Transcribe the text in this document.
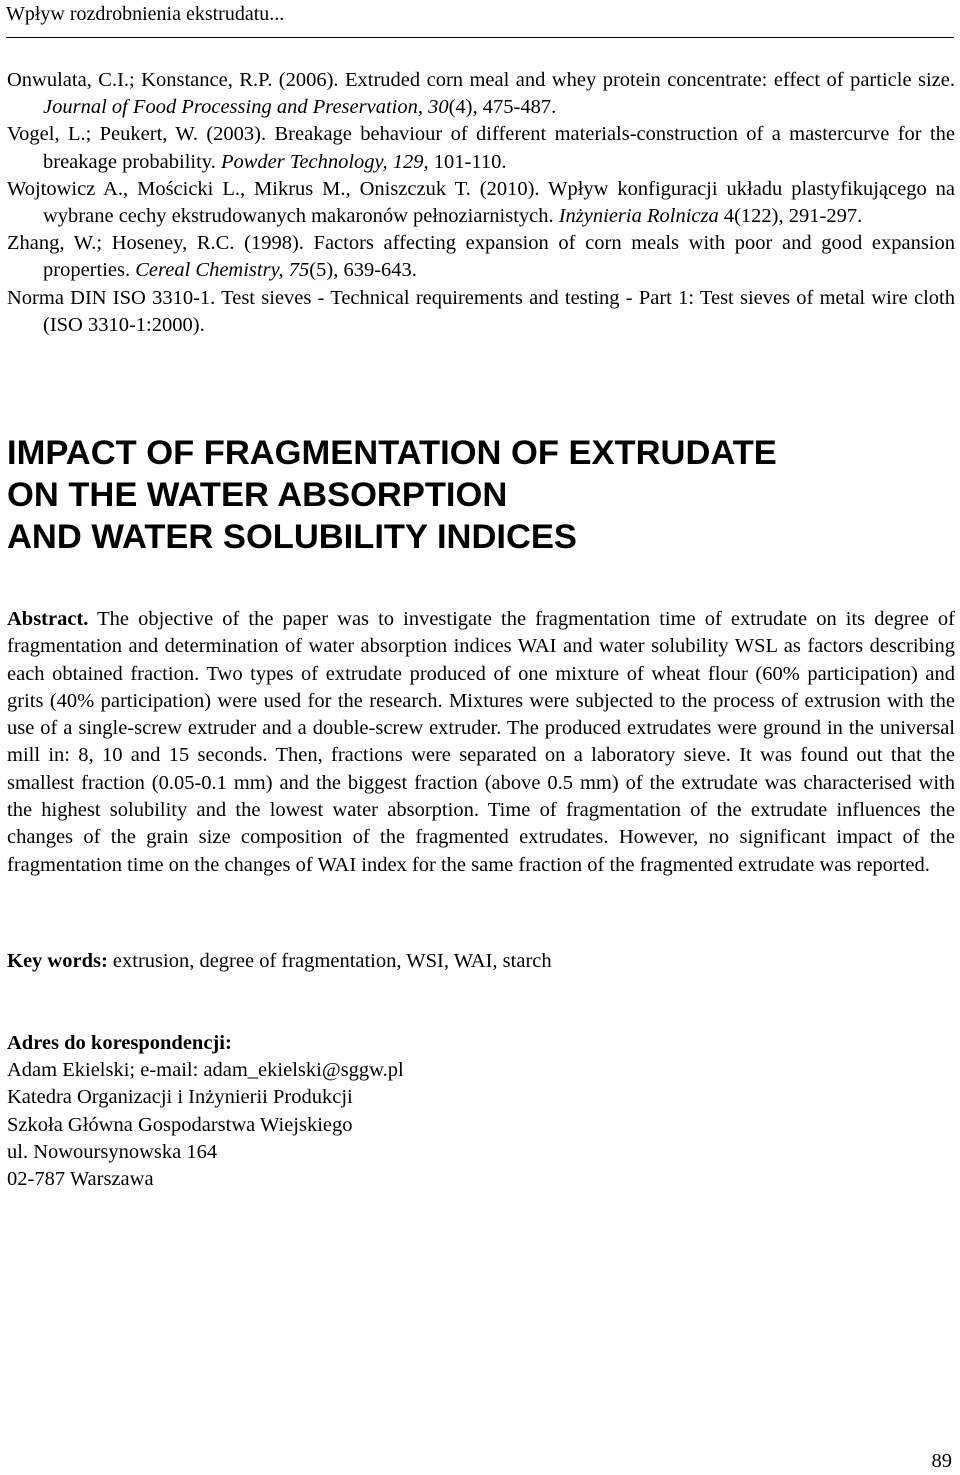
Wpływ rozdrobnienia ekstrudatu...
Onwulata, C.I.; Konstance, R.P. (2006). Extruded corn meal and whey protein concentrate: effect of particle size. Journal of Food Processing and Preservation, 30(4), 475-487.
Vogel, L.; Peukert, W. (2003). Breakage behaviour of different materials-construction of a mastercurve for the breakage probability. Powder Technology, 129, 101-110.
Wojtowicz A., Mościcki L., Mikrus M., Oniszczuk T. (2010). Wpływ konfiguracji układu plastyfikującego na wybrane cechy ekstrudowanych makaronów pełnoziarnistych. Inżynieria Rolnicza 4(122), 291-297.
Zhang, W.; Hoseney, R.C. (1998). Factors affecting expansion of corn meals with poor and good expansion properties. Cereal Chemistry, 75(5), 639-643.
Norma DIN ISO 3310-1. Test sieves - Technical requirements and testing - Part 1: Test sieves of metal wire cloth (ISO 3310-1:2000).
IMPACT OF FRAGMENTATION OF EXTRUDATE
ON THE WATER ABSORPTION
AND WATER SOLUBILITY INDICES
Abstract. The objective of the paper was to investigate the fragmentation time of extrudate on its degree of fragmentation and determination of water absorption indices WAI and water solubility WSL as factors describing each obtained fraction. Two types of extrudate produced of one mixture of wheat flour (60% participation) and grits (40% participation) were used for the research. Mixtures were subjected to the process of extrusion with the use of a single-screw extruder and a double-screw extruder. The produced extrudates were ground in the universal mill in: 8, 10 and 15 seconds. Then, fractions were separated on a laboratory sieve. It was found out that the smallest fraction (0.05-0.1 mm) and the biggest fraction (above 0.5 mm) of the extrudate was characterised with the highest solubility and the lowest water absorption. Time of fragmentation of the extrudate influences the changes of the grain size composition of the fragmented extrudates. However, no significant impact of the fragmentation time on the changes of WAI index for the same fraction of the fragmented extrudate was reported.
Key words: extrusion, degree of fragmentation, WSI, WAI, starch
Adres do korespondencji:
Adam Ekielski; e-mail: adam_ekielski@sggw.pl
Katedra Organizacji i Inżynierii Produkcji
Szkoła Główna Gospodarstwa Wiejskiego
ul. Nowoursynowska 164
02-787 Warszawa
89
